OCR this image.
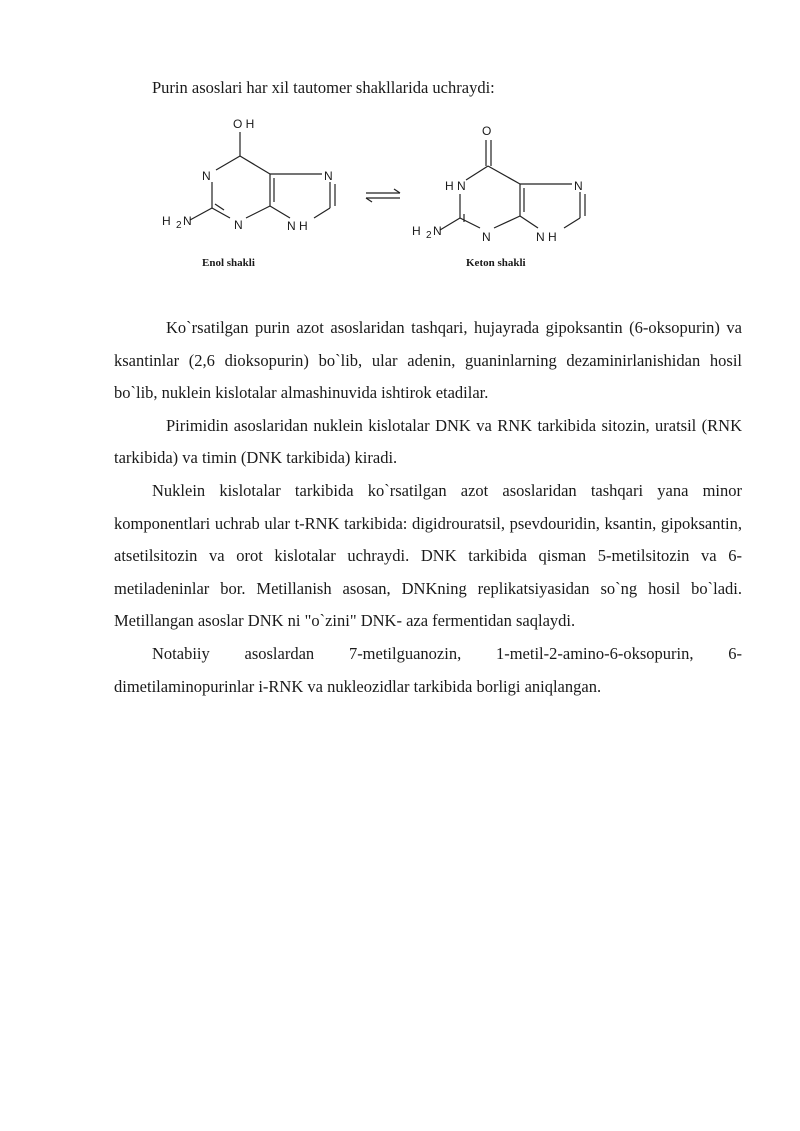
Purin asoslari har xil tautomer shakllarida uchraydi:

O H
N
N
N
N H
H 2 N
Enol shakli
O
H N
N
N
N H
H 2 N
Keton shakli

Ko`rsatilgan purin azot asoslaridan tashqari, hujayrada gipoksantin (6-oksopurin) va ksantinlar (2,6 dioksopurin) bo`lib, ular adenin, guaninlarning dezaminirlanishidan hosil bo`lib, nuklein kislotalar almashinuvida ishtirok etadilar.

Pirimidin asoslaridan nuklein kislotalar DNK va RNK tarkibida sitozin, uratsil (RNK tarkibida) va timin (DNK tarkibida) kiradi.

Nuklein kislotalar tarkibida ko`rsatilgan azot asoslaridan tashqari yana minor komponentlari uchrab ular t-RNK tarkibida: digidrouratsil, psevdouridin, ksantin, gipoksantin, atsetilsitozin va orot kislotalar uchraydi. DNK tarkibida qisman 5-metilsitozin va 6-metiladeninlar bor. Metillanish asosan, DNKning replikatsiyasidan so`ng hosil bo`ladi. Metillangan asoslar DNK ni "o`zini" DNK- aza fermentidan saqlaydi.

Notabiiy asoslardan 7-metilguanozin, 1-metil-2-amino-6-oksopurin, 6-dimetilaminopurinlar i-RNK va nukleozidlar tarkibida borligi aniqlangan.
